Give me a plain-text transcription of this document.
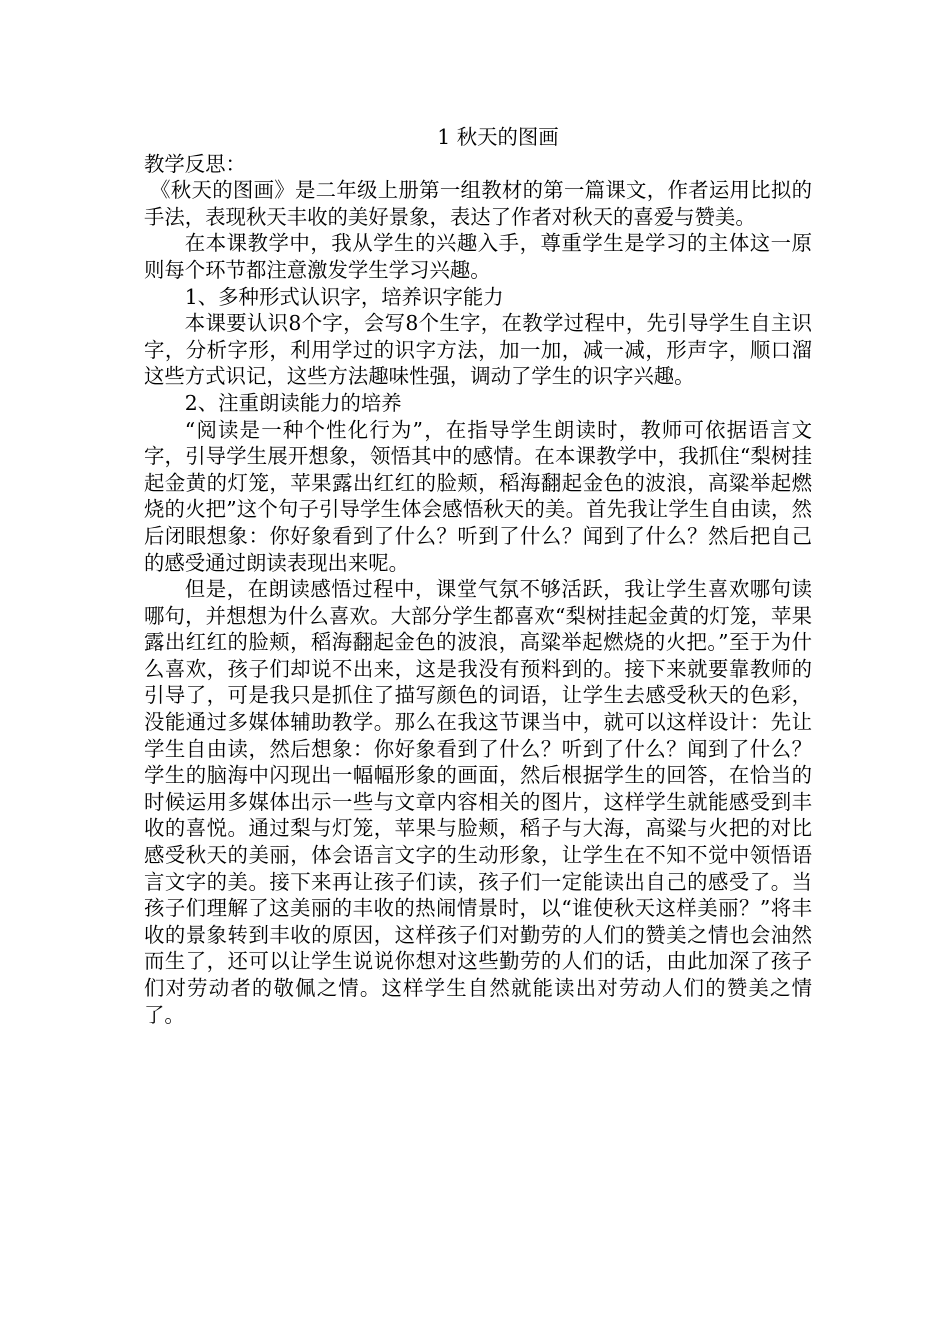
1 秋天的图画

教学反思：

《秋天的图画》是二年级上册第一组教材的第一篇课文，作者运用比拟的手法，表现秋天丰收的美好景象，表达了作者对秋天的喜爱与赞美。

在本课教学中，我从学生的兴趣入手，尊重学生是学习的主体这一原则每个环节都注意激发学生学习兴趣。

1、多种形式认识字，培养识字能力

本课要认识8个字，会写8个生字，在教学过程中，先引导学生自主识字，分析字形，利用学过的识字方法，加一加，减一减，形声字，顺口溜这些方式识记，这些方法趣味性强，调动了学生的识字兴趣。

2、注重朗读能力的培养

“阅读是一种个性化行为”，在指导学生朗读时，教师可依据语言文字，引导学生展开想象，领悟其中的感情。在本课教学中，我抓住“梨树挂起金黄的灯笼，苹果露出红红的脸颊，稻海翻起金色的波浪，高粱举起燃烧的火把”这个句子引导学生体会感悟秋天的美。首先我让学生自由读，然后闭眼想象：你好象看到了什么？听到了什么？闻到了什么？然后把自己的感受通过朗读表现出来呢。

但是，在朗读感悟过程中，课堂气氛不够活跃，我让学生喜欢哪句读哪句，并想想为什么喜欢。大部分学生都喜欢“梨树挂起金黄的灯笼，苹果露出红红的脸颊，稻海翻起金色的波浪，高粱举起燃烧的火把。”至于为什么喜欢，孩子们却说不出来，这是我没有预料到的。接下来就要靠教师的引导了，可是我只是抓住了描写颜色的词语，让学生去感受秋天的色彩，没能通过多媒体辅助教学。那么在我这节课当中，就可以这样设计：先让学生自由读，然后想象：你好象看到了什么？听到了什么？闻到了什么？学生的脑海中闪现出一幅幅形象的画面，然后根据学生的回答，在恰当的时候运用多媒体出示一些与文章内容相关的图片，这样学生就能感受到丰收的喜悦。通过梨与灯笼，苹果与脸颊，稻子与大海，高粱与火把的对比感受秋天的美丽，体会语言文字的生动形象，让学生在不知不觉中领悟语言文字的美。接下来再让孩子们读，孩子们一定能读出自己的感受了。当孩子们理解了这美丽的丰收的热闹情景时，以“谁使秋天这样美丽？”将丰收的景象转到丰收的原因，这样孩子们对勤劳的人们的赞美之情也会油然而生了，还可以让学生说说你想对这些勤劳的人们的话，由此加深了孩子们对劳动者的敬佩之情。这样学生自然就能读出对劳动人们的赞美之情了。
